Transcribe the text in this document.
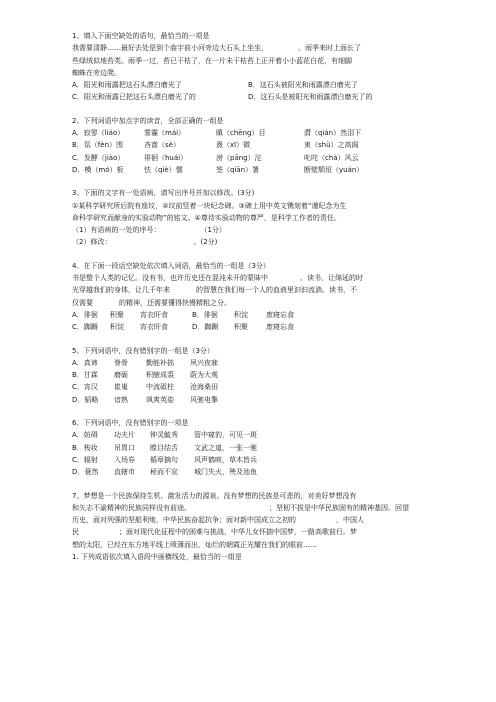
1、填入下面空缺处的语句，最恰当的一项是
我需要清静……最好去处是到个庙宇前小河旁边大石头上坐坐，	。雨季来时上面长了
些绿绒似地苔类。雨季一过，苔已干枯了，在一片未干枯苔上正开着小小蓝花白花，有细脚
蜘蛛在旁边爬。
A．阳光和雨露把这石头漂白磨光了	B．这石头被阳光和雨露漂白磨光了
C．阳光和雨露已把这石头漂白磨光了的	D．这石头是被阳光和雨露漂白磨光了的
2、下列词语中加点字的读音，全部正确的一组是
A．寂寥（liáo）	雾霾（mái）	瞋（chēng）目	潸（qián）然泪下
B．氛（fèn）围	吝啬（sè）	熹（xī）微	束（shù）之高阁
C．发酵（jiào）	徘徊（huái）	滂（pāng）沱	叱咤（chà）风云
D．模（mó）板	怯（qiè）懦	签（qiān）署	断壁颓垣（yuán）
3、下面的文字有一处语病，请写出序号并加以修改。(3分)
①某科学研究所后院有座坟，②坟前竖着一块纪念碑。③碑上用中英文镌刻着“谨纪念为生
命科学研究而献身的实验动物”的铭文。④尊待实验动物的尊严，是科学工作者的责任。
（1）有语病的一处的序号：	（1分）
（2）修改：	。(2分)
4、在下面一段话空缺处依次填入词语，最恰当的一组是（3分）
书是整个人类的记忆。没有书，也许历史还在混沌未开的蒙昧中	。读书，让绵延的时
光穿越我们的身体，让几千年来	的智慧在我们每一个人的血液里汩汩流淌。读书，不
仅需要	的精神，还需要懂得快慢精粗之分。
A．徘徊	积聚	宵衣旰食	B．徘徊	积淀	废寝忘食
C．踟蹰	积淀	宵衣旰食	D．踟蹰	积聚	废寝忘食
5、下列词语中，没有错别字的一组是（3分）
A．真谛	脊骨	勤能补拙	夙兴夜寐
B．甘霖	磨砺	积腋成裘	蔚为大观
C．宵汉	崔嵬	中流砥柱	沧海桑田
D．韬略	谙熟	飒爽英姿	风驰电掣
6、下列词语中，没有错别字的一项是
A．妨碍	功夫片	钟灵毓秀	管中窥豹，可见一斑
B．梭妆	吊胃口	瞠目结舌	文武之道，一张一驰
C．辐射	入场券	循章摘句	风声鹤唳，草木皆兵
D．蓑然	直辖市	秘而不宣	城门失火，殃及池鱼
7、梦想是一个民族保持生机、激发活力的源泉。没有梦想的民族是可悲的，对美好梦想没有
和矢志不渝精神的民族同样没有前途。	；坚韧不拔是中华民族固有的精神基因。回望
历史，面对列强的坚船利炮，中华民族奋起抗争；面对新中国成立之初的	，中国人
民	；面对现代化征程中的困难与挑战，中华儿女怀揣中国梦，一路高歌前行。梦
想的太阳，已经在东方地平线上喷薄而出，灿烂的朝霞正光耀在我们的眼前……
1. 下列成语依次填入语段中画横线处，最恰当的一组是
